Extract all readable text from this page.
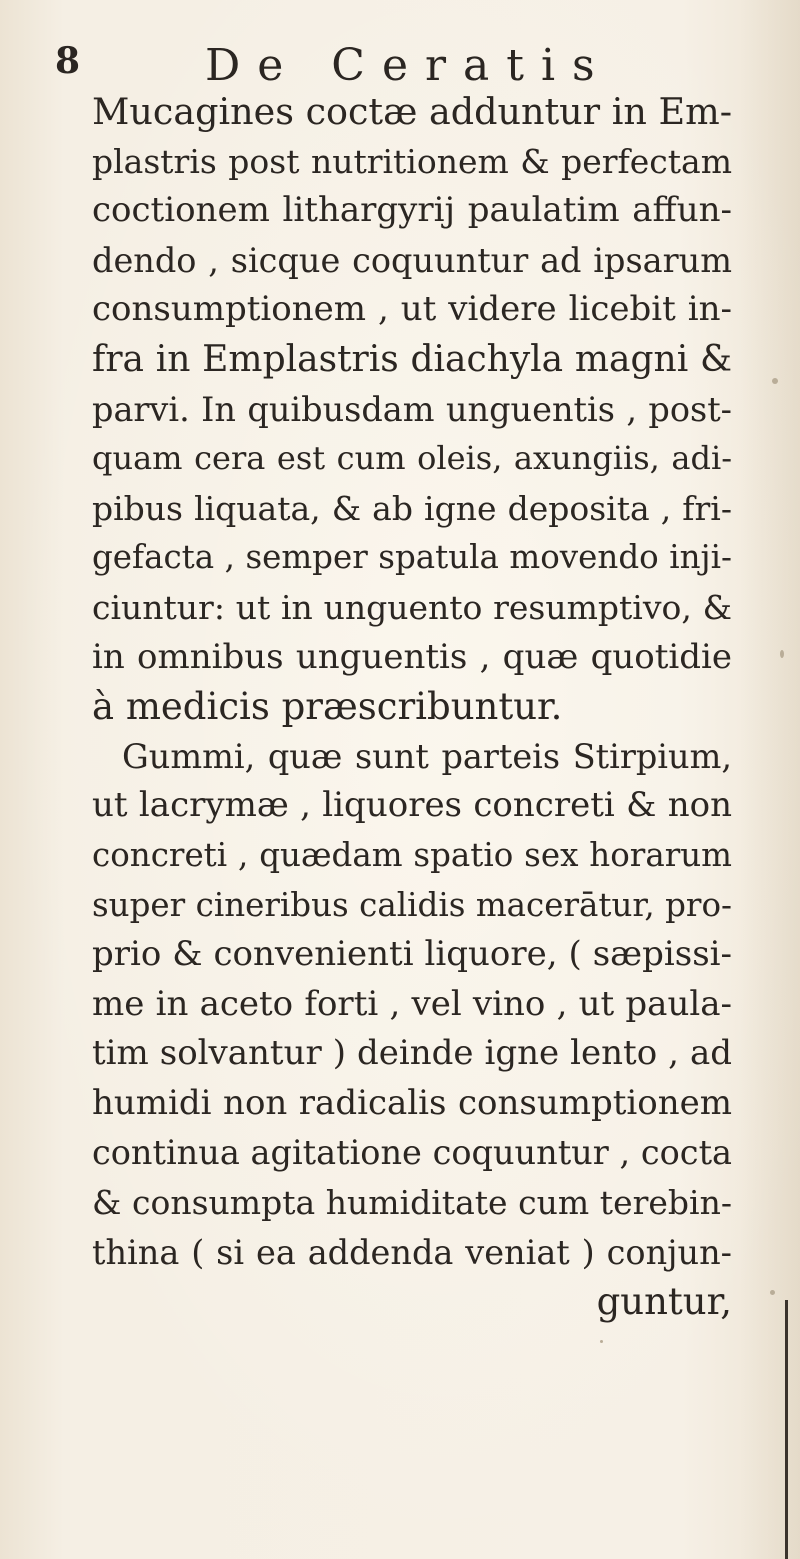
8	De Ceratis
Mucagines coctæ adduntur in Em-
plastris post nutritionem & perfectam
coctionem lithargyrij paulatim affun-
dendo , sicque coquuntur ad ipsarum
consumptionem , ut videre licebit in-
fra in Emplastris diachyla magni &
parvi. In quibusdam unguentis , post-
quam cera est cum oleis, axungiis, adi-
pibus liquata, & ab igne deposita , fri-
gefacta , semper spatula movendo inji-
ciuntur: ut in unguento resumptivo, &
in omnibus unguentis , quæ quotidie
à medicis præscribuntur.
Gummi, quæ sunt parteis Stirpium,
ut lacrymæ , liquores concreti & non
concreti , quædam spatio sex horarum
super cineribus calidis macerātur, pro-
prio & convenienti liquore, ( sæpissi-
me in aceto forti , vel vino , ut paula-
tim solvantur ) deinde igne lento , ad
humidi non radicalis consumptionem
continua agitatione coquuntur , cocta
& consumpta humiditate cum terebin-
thina ( si ea addenda veniat ) conjun-
guntur,
